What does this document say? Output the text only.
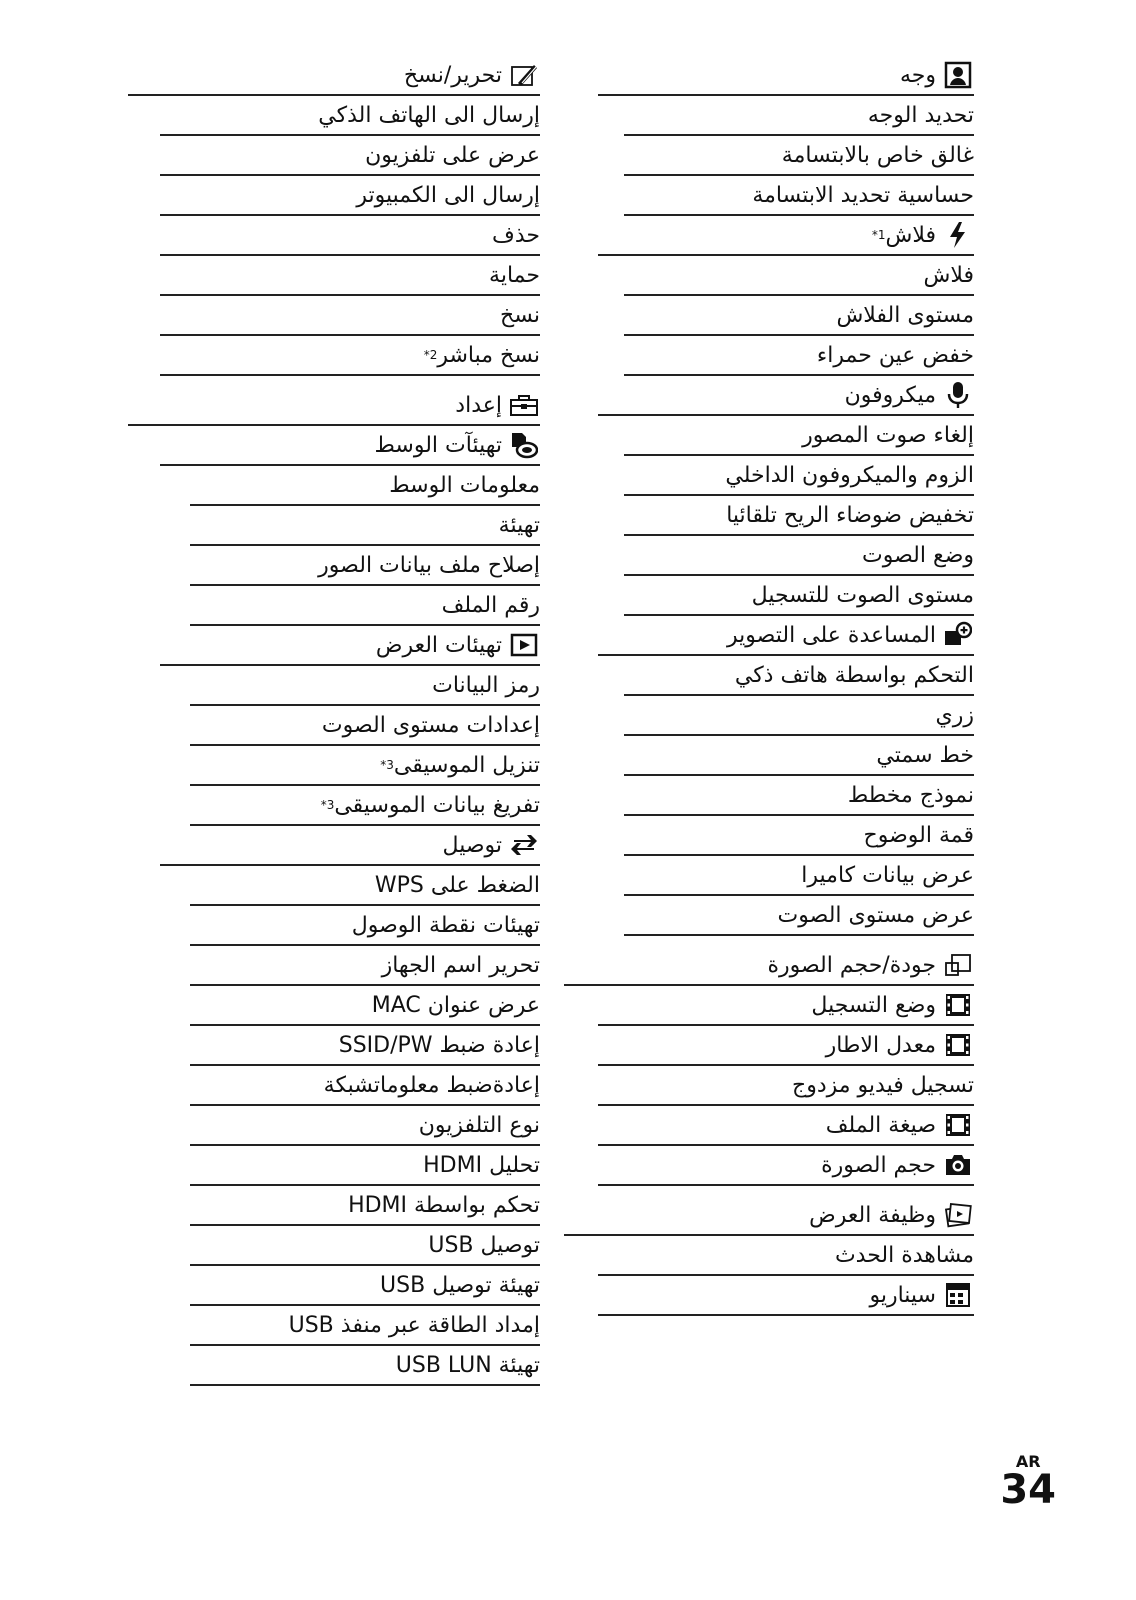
تحرير/نسخ
إرسال الى الهاتف الذكي
عرض على تلفزيون
إرسال الى الكمبيوتر
حذف
حماية
نسخ
نسخ مباشر
2*
إعداد
تهيئآت الوسط
معلومات الوسط
تهيئة
إصلاح ملف بيانات الصور
رقم الملف
تهيئات العرض
رمز البيانات
إعدادات مستوى الصوت
تنزيل الموسيقى
3*
تفريغ بيانات الموسيقى
3*
توصيل
الضغط على WPS
تهيئات نقطة الوصول
تحرير اسم الجهاز
عرض عنوان MAC
إعادة ضبط SSID/PW
إعادةضبط معلوماتشبكة
نوع التلفزيون
تحليل HDMI
تحكم بواسطة HDMI
توصيل USB
تهيئة توصيل USB
إمداد الطاقة عبر منفذ USB
تهيئة USB LUN
وجه
تحديد الوجه
غالق خاص بالابتسامة
حساسية تحديد الابتسامة
فلاش
1*
فلاش
مستوى الفلاش
خفض عين حمراء
ميكروفون
إلغاء صوت المصور
الزوم والميكروفون الداخلي
تخفيض ضوضاء الريح تلقائيا
وضع الصوت
مستوى الصوت للتسجيل
المساعدة على التصوير
التحكم بواسطة هاتف ذكي
زري
خط سمتي
نموذج مخطط
قمة الوضوح
عرض بيانات كاميرا
عرض مستوى الصوت
جودة/حجم الصورة
وضع التسجيل
معدل الاطار
تسجيل فيديو مزدوج
صيغة الملف
حجم الصورة
وظيفة العرض
مشاهدة الحدث
سيناريو
AR
34
